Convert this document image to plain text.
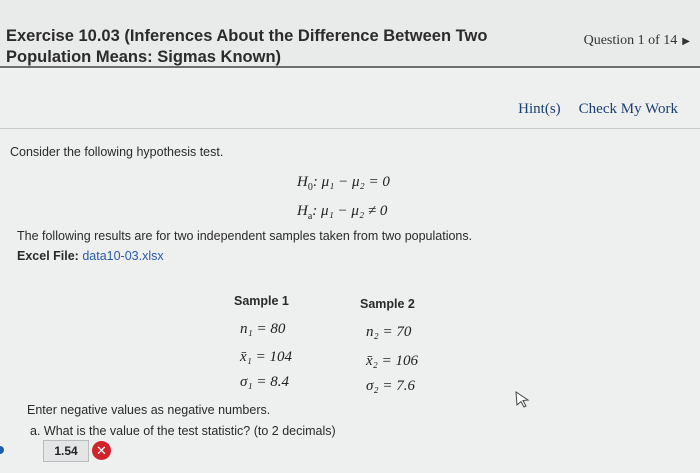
Exercise 10.03 (Inferences About the Difference Between Two Population Means: Sigmas Known)
Question 1 of 14 ▶
Hint(s) Check My Work
Consider the following hypothesis test.
$H_0$: μ₁ − μ₂ = 0
$H_a$: μ₁ − μ₂ ≠ 0
The following results are for two independent samples taken from two populations.
Excel File: data10-03.xlsx
Sample 1	Sample 2
n₁ = 80	n₂ = 70
x̄₁ = 104	x̄₂ = 106
σ₁ = 8.4	σ₂ = 7.6
Enter negative values as negative numbers.
a. What is the value of the test statistic? (to 2 decimals)
1.54	✕
